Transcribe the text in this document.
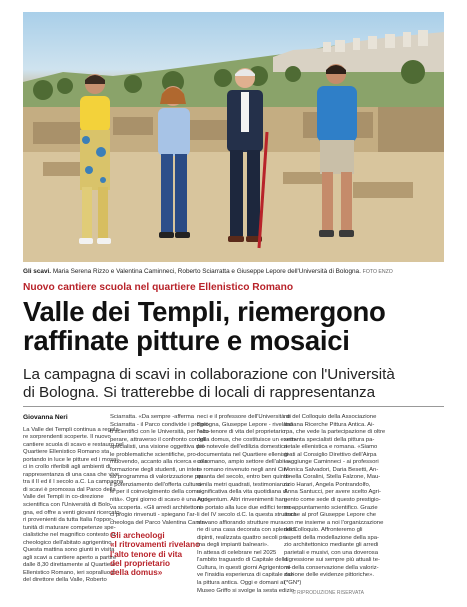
Gli scavi. Maria Serena Rizzo e Valentina Caminneci, Roberto Sciarratta e Giuseppe Lepore dell'Università di Bologna. FOTO ENZO
Nuovo cantiere scuola nel quartiere Ellenistico Romano
Valle dei Templi, riemergono
raffinate pitture e mosaici
La campagna di scavi in collaborazione con l'Università
di Bologna. Si tratterebbe di locali di rappresentanza
Giovanna Neri
La Valle dei Templi continua a regala-
re sorprendenti scoperte. Il nuovo
cantiere scuola di scavo e restauro nel
Quartiere Ellenistico Romano sta
portando in luce le pitture ed i mosai-
ci in crollo riferibili agli ambienti di
rappresentanza di una casa che vive
tra il II ed il I secolo a.C. La campagna
di scavi è promossa dal Parco della
Valle dei Templi in co-direzione
scientifica con l'Università di Bolo-
gna, ed offre a venti giovani ricercato-
ri provenienti da tutta Italia l'oppor-
tunità di maturare competenze spe-
cialistiche nel magnifico contesto ar-
cheologico dell'abitato agrigentino.
Questa mattina sono giunti in visita
agli scavi a cantiere aperto a partire
dalle 8,30 direttamente al Quartiere
Ellenistico Romano, ieri sopralluogo
del direttore della Valle, Roberto
Sciarratta. «Da sempre -afferma
Sciarratta - il Parco condivide i proget-
ti scientifici con le Università, per recu-
perare, attraverso il confronto con gli
specialisti, una visione oggettiva del-
le problematiche scientifiche, pro-
muovendo, accanto alla ricerca e alla
formazione degli studenti, un inten-
so programma di valorizzazione per
il potenziamento dell'offerta cultura-
le per il coinvolgimento della comu-
nità». Ogni giorno di scavo è una nuo-
va scoperta. «Gli arredi architettoni-
ci progio rinvenuti - spiegano l'ar-
cheologa del Parco Valentina Camin-
Gli archeologi
«I ritrovamenti rivelano
l'alto tenore di vita
del proprietario
della domus»
neci e il professore dell'Università di
Bologna, Giuseppe Lepore - rivelano
l'alto tenore di vita del proprietario
della domus, che costituisce un esem-
pio notevole dell'edilizia domestica
documentata nel Quartiere ellenisti-
co romano, ampio settore dell'abita-
to romano rinvenuto negli anni Cin-
quanta del secolo, entro ben quindi-
cimila metri quadrati, testimonianza
significativa della vita quotidiana di
Agrigentum. Altri rinvenimenti han-
no portato alla luce due edifici termo-
li del IV secolo d.C. la questa struttura
stavano affiorando strutture mura-
rie di una casa decorata con splendidi
dipinti, realizzata quattro secoli pri-
ma degli impianti balneari».
In attesa di celebrare nel 2025
l'ambito traguardo di Capitale della
Cultura, in questi giorni Agrigento vi-
ve l'insidia esperienza di capitale del-
la pittura antica. Oggi e domani al
Museo Griffo si svolge la sesta edizio-
ne del Colloquio della Associazione
Italiana Ricerche Pittura Antica. Ai-
rpa, che vede la partecipazione di oltre
settanta specialisti della pittura pa-
rietale ellenistica e romana. «Siamo
grati al Consiglio Direttivo dell'Airpa
- aggiunge Caminneci - ai professori
Monica Salvadori, Daria Besetti, An-
tonella Coralini, Stella Falzone, Mau-
rizio Harari, Angela Pontrandolfo,
Anna Santucci, per avere scelto Agri-
gento come sede di questo prestigio-
so appuntamento scientifico. Grazie
anche al prof Giuseppe Lepore che
con me insieme a noi l'organizzazione
del Colloquio. Affronteremo gli
aspetti della modellazione della spa-
zio architettonico mediante gli arredi
parietali e musivi, con una doverosa
digressione sui sempre più attuali te-
mi della conservazione della valoriz-
zazione delle evidenze pittoriche».
(*GN*)
© RIPRODUZIONE RISERVATA
